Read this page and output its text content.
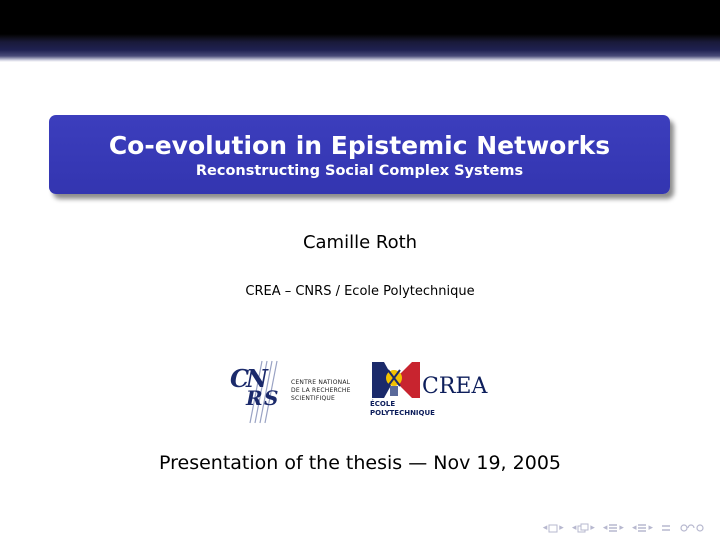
Co-evolution in Epistemic Networks
Reconstructing Social Complex Systems
Camille Roth
CREA – CNRS / Ecole Polytechnique
C
N
R S
CENTRE NATIONAL
DE LA RECHERCHE
SCIENTIFIQUE	CREA
ÉCOLE
POLYTECHNIQUE
Presentation of the thesis — Nov 19, 2005
◂ ▸ ◂ ▸ ◂ ▸ ◂ ▸
